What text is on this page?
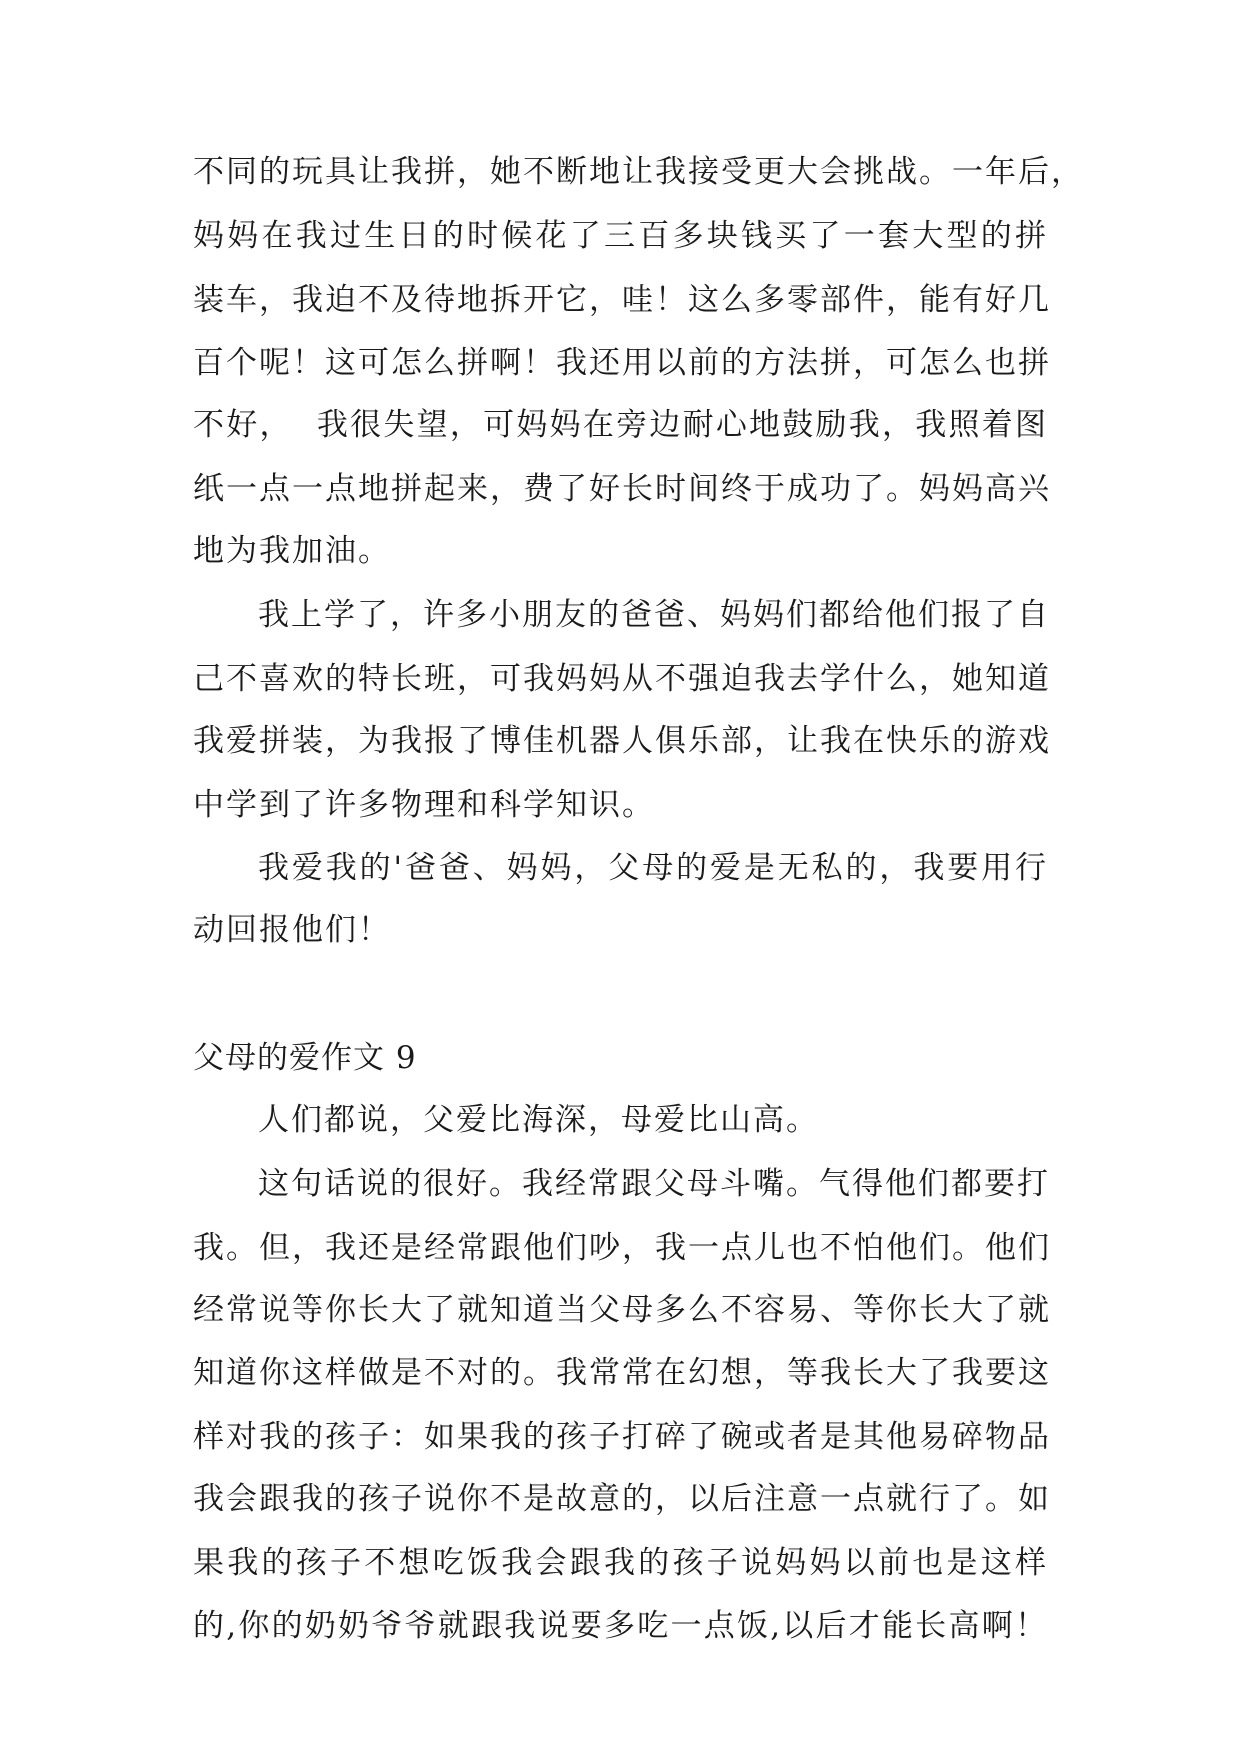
不同的玩具让我拼，她不断地让我接受更大会挑战。一年后，
妈妈在我过生日的时候花了三百多块钱买了一套大型的拼
装车，我迫不及待地拆开它，哇！这么多零部件，能有好几
百个呢！这可怎么拼啊！我还用以前的方法拼，可怎么也拼
不好，  我很失望，可妈妈在旁边耐心地鼓励我，我照着图
纸一点一点地拼起来，费了好长时间终于成功了。妈妈高兴
地为我加油。
我上学了，许多小朋友的爸爸、妈妈们都给他们报了自
己不喜欢的特长班，可我妈妈从不强迫我去学什么，她知道
我爱拼装，为我报了博佳机器人俱乐部，让我在快乐的游戏
中学到了许多物理和科学知识。
我爱我的'爸爸、妈妈，父母的爱是无私的，我要用行
动回报他们！
父母的爱作文 9
人们都说，父爱比海深，母爱比山高。
这句话说的很好。我经常跟父母斗嘴。气得他们都要打
我。但，我还是经常跟他们吵，我一点儿也不怕他们。他们
经常说等你长大了就知道当父母多么不容易、等你长大了就
知道你这样做是不对的。我常常在幻想，等我长大了我要这
样对我的孩子：如果我的孩子打碎了碗或者是其他易碎物品
我会跟我的孩子说你不是故意的，以后注意一点就行了。如
果我的孩子不想吃饭我会跟我的孩子说妈妈以前也是这样
的,你的奶奶爷爷就跟我说要多吃一点饭,以后才能长高啊！
